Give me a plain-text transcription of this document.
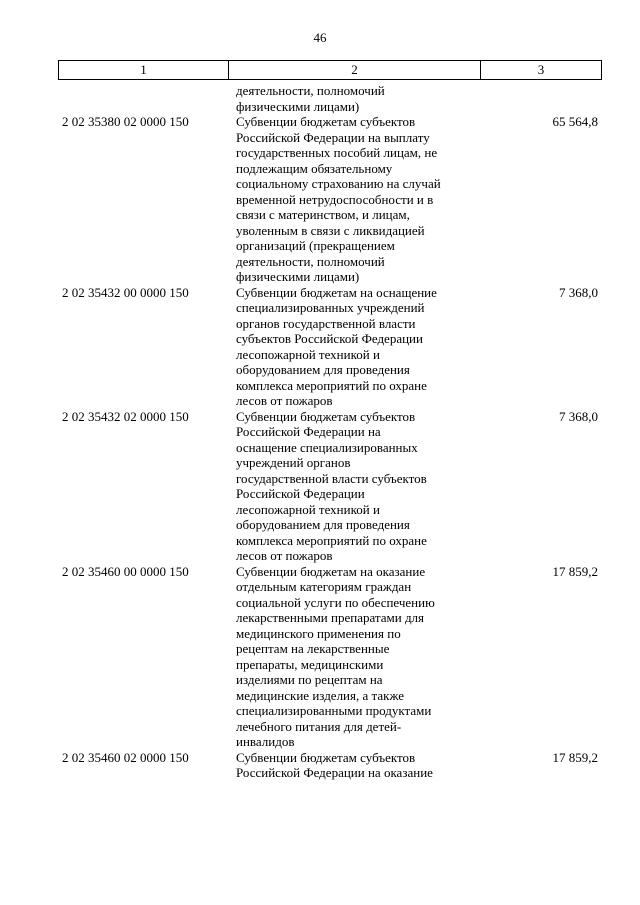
46
1	2	3
деятельности, полномочий
физическими лицами)
2 02 35380 02 0000 150	Субвенции бюджетам субъектов
Российской Федерации на выплату
государственных пособий лицам, не
подлежащим обязательному
социальному страхованию на случай
временной нетрудоспособности и в
связи с материнством, и лицам,
уволенным в связи с ликвидацией
организаций (прекращением
деятельности, полномочий
физическими лицами)
65 564,8
2 02 35432 00 0000 150	Субвенции бюджетам на оснащение
специализированных учреждений
органов государственной власти
субъектов Российской Федерации
лесопожарной техникой и
оборудованием для проведения
комплекса мероприятий по охране
лесов от пожаров
7 368,0
2 02 35432 02 0000 150	Субвенции бюджетам субъектов
Российской Федерации на
оснащение специализированных
учреждений органов
государственной власти субъектов
Российской Федерации
лесопожарной техникой и
оборудованием для проведения
комплекса мероприятий по охране
лесов от пожаров
7 368,0
2 02 35460 00 0000 150	Субвенции бюджетам на оказание
отдельным категориям граждан
социальной услуги по обеспечению
лекарственными препаратами для
медицинского применения по
рецептам на лекарственные
препараты, медицинскими
изделиями по рецептам на
медицинские изделия, а также
специализированными продуктами
лечебного питания для детей-
инвалидов
17 859,2
2 02 35460 02 0000 150	Субвенции бюджетам субъектов
Российской Федерации на оказание
17 859,2
